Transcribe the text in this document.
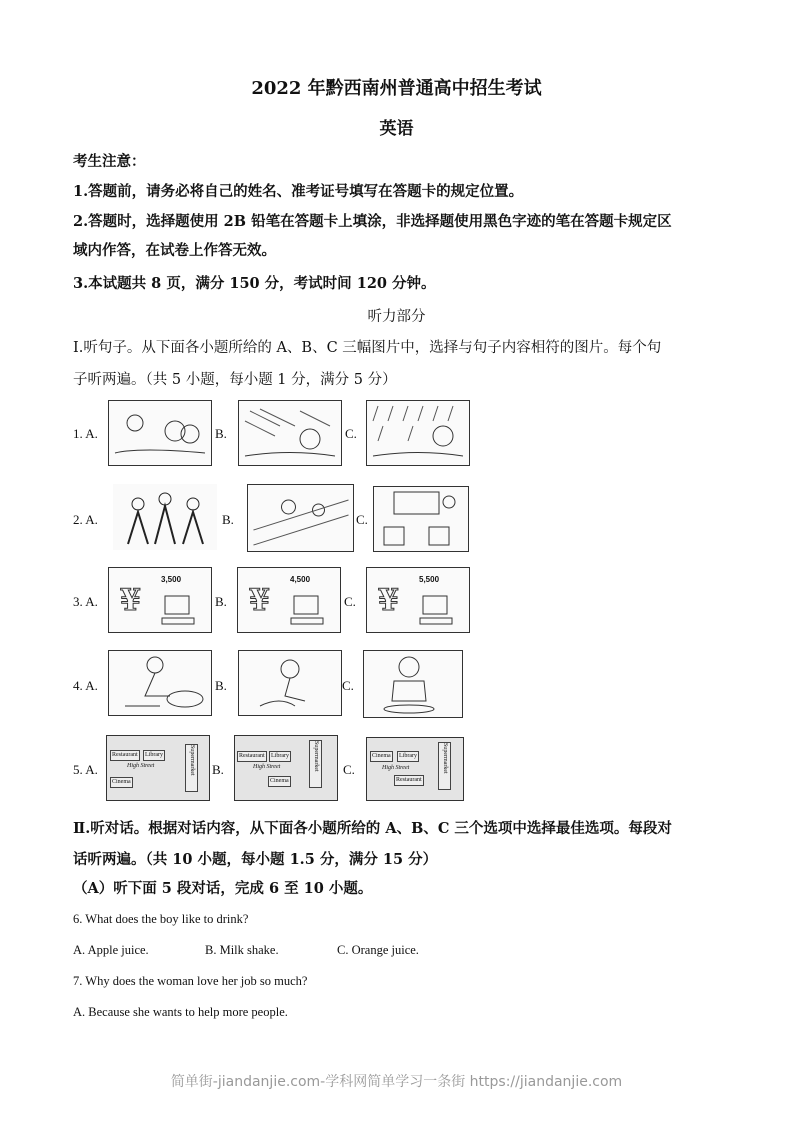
2022 年黔西南州普通高中招生考试
英语
考生注意：
1.答题前，请务必将自己的姓名、准考证号填写在答题卡的规定位置。
2.答题时，选择题使用 2B 铅笔在答题卡上填涂，非选择题使用黑色字迹的笔在答题卡规定区
域内作答，在试卷上作答无效。
3.本试题共 8 页，满分 150 分，考试时间 120 分钟。
听力部分
Ⅰ.听句子。从下面各小题所给的 A、B、C 三幅图片中，选择与句子内容相符的图片。每个句
子听两遍。（共 5 小题，每小题 1 分，满分 5 分）
1. A.	B.	C.
2. A.	B.	C.
3. A. ¥
3,500
B. ¥
4,500
C. ¥
5,500
4. A.	B.	C.
5. A.
Restaurant	Library
High Street
Cinema
Supermarket B.
Restaurant	Library
High Street
Cinema
Supermarket C.
Cinema	Library
High Street
Restaurant
Supermarket
Ⅱ.听对话。根据对话内容，从下面各小题所给的 A、B、C 三个选项中选择最佳选项。每段对
话听两遍。（共 10 小题，每小题 1.5 分，满分 15 分）
（A）听下面 5 段对话，完成 6 至 10 小题。
6. What does the boy like to drink?
A. Apple juice.	B. Milk shake.	C. Orange juice.
7. Why does the woman love her job so much?
A. Because she wants to help more people.
简单街-jiandanjie.com-学科网简单学习一条街 https://jiandanjie.com
